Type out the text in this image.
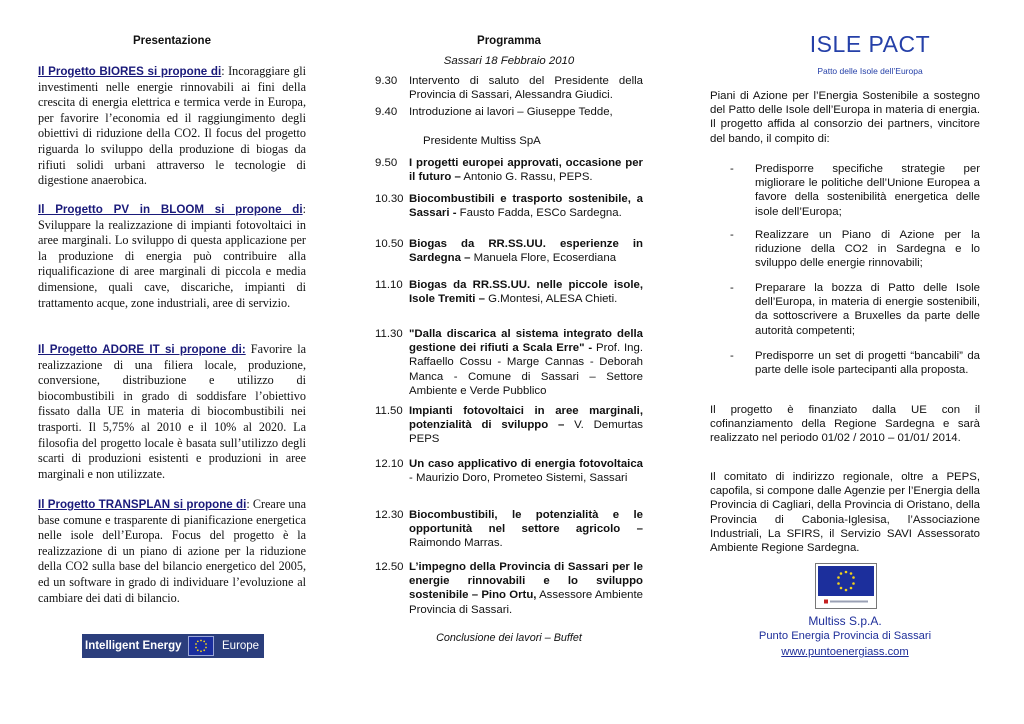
Presentazione

Il Progetto BIORES si propone di: Incoraggiare gli investimenti nelle energie rinnovabili ai fini della crescita di energia elettrica e termica verde in Europa, per favorire l’economia ed il raggiungimento degli obiettivi di riduzione della CO2. Il focus del progetto riguarda lo sviluppo della produzione di biogas da rifiuti solidi urbani attraverso le tecnologie di digestione anaerobica.

Il Progetto PV in BLOOM si propone di: Sviluppare la realizzazione di impianti fotovoltaici in aree marginali. Lo sviluppo di questa applicazione per la produzione di energia può contribuire alla riqualificazione di aree marginali di piccola e media dimensione, quali cave, discariche, impianti di trattamento acque, zone industriali, aree di servizio.

Il Progetto ADORE IT si propone di: Favorire la realizzazione di una filiera locale, produzione, conversione, distribuzione e utilizzo di biocombustibili in grado di soddisfare l’obiettivo fissato dalla UE in materia di biocombustibili nei trasporti. Il 5,75% al 2010 e il 10% al 2020. La filosofia del progetto locale è basata sull’utilizzo degli scarti di produzioni esistenti e produzioni in aree marginali e non utilizzate.

Il Progetto TRANSPLAN si propone di: Creare una base comune e trasparente di pianificazione energetica nelle isole dell’Europa. Focus del progetto è la realizzazione di un piano di azione per la riduzione della CO2 sulla base del bilancio energetico del 2005, ed un software in grado di individuare l’evoluzione al cambiare dei dati di bilancio.

Intelligent Energy	Europe
Programma
Sassari 18 Febbraio 2010
9.30	Intervento di saluto del Presidente della Provincia di Sassari, Alessandra Giudici.
9.40	Introduzione ai lavori – Giuseppe Tedde,
Presidente Multiss SpA
9.50	I progetti europei approvati, occasione per il futuro – Antonio G. Rassu, PEPS.
10.30 Biocombustibili e trasporto sostenibile, a Sassari - Fausto Fadda, ESCo Sardegna.
10.50 Biogas da RR.SS.UU. esperienze in Sardegna – Manuela Flore, Ecoserdiana
11.10 Biogas da RR.SS.UU. nelle piccole isole, Isole Tremiti – G.Montesi, ALESA Chieti.
11.30 "Dalla discarica al sistema integrato della gestione dei rifiuti a Scala Erre" - Prof. Ing. Raffaello Cossu - Marge Cannas - Deborah Manca - Comune di Sassari – Settore Ambiente e Verde Pubblico
11.50 Impianti fotovoltaici in aree marginali, potenzialità di sviluppo – V. Demurtas PEPS
12.10 Un caso applicativo di energia fotovoltaica - Maurizio Doro, Prometeo Sistemi, Sassari
12.30 Biocombustibili, le potenzialità e le opportunità nel settore agricolo – Raimondo Marras.
12.50 L’impegno della Provincia di Sassari per le energie rinnovabili e lo sviluppo sostenibile – Pino Ortu, Assessore Ambiente Provincia di Sassari.
Conclusione dei lavori – Buffet
ISLE PACT
Patto delle Isole dell’Europa

Piani di Azione per l’Energia Sostenibile a sostegno del Patto delle Isole dell’Europa in materia di energia. Il progetto affida al consorzio dei partners, vincitore del bando, il compito di:

-	Predisporre specifiche strategie per migliorare le politiche dell’Unione Europea a favore della sostenibilità energetica delle isole dell’Europa;
-	Realizzare un Piano di Azione per la riduzione della CO2 in Sardegna e lo sviluppo delle energie rinnovabili;
-	Preparare la bozza di Patto delle Isole dell’Europa, in materia di energie sostenibili, da sottoscrivere a Bruxelles da parte delle autorità competenti;
-	Predisporre un set di progetti “bancabili” da parte delle isole partecipanti alla proposta.

Il progetto è finanziato dalla UE con il cofinanziamento della Regione Sardegna e sarà realizzato nel periodo 01/02 / 2010 – 01/01/ 2014.

Il comitato di indirizzo regionale, oltre a PEPS, capofila, si compone dalle Agenzie per l’Energia della Provincia di Cagliari, della Provincia di Oristano, della Provincia di Cabonia-Iglesisa, l’Associazione Industriali, La SFIRS, il Servizio SAVI Assessorato Ambiente Regione Sardegna.

Multiss S.p.A.
Punto Energia Provincia di Sassari
www.puntoenergiass.com
